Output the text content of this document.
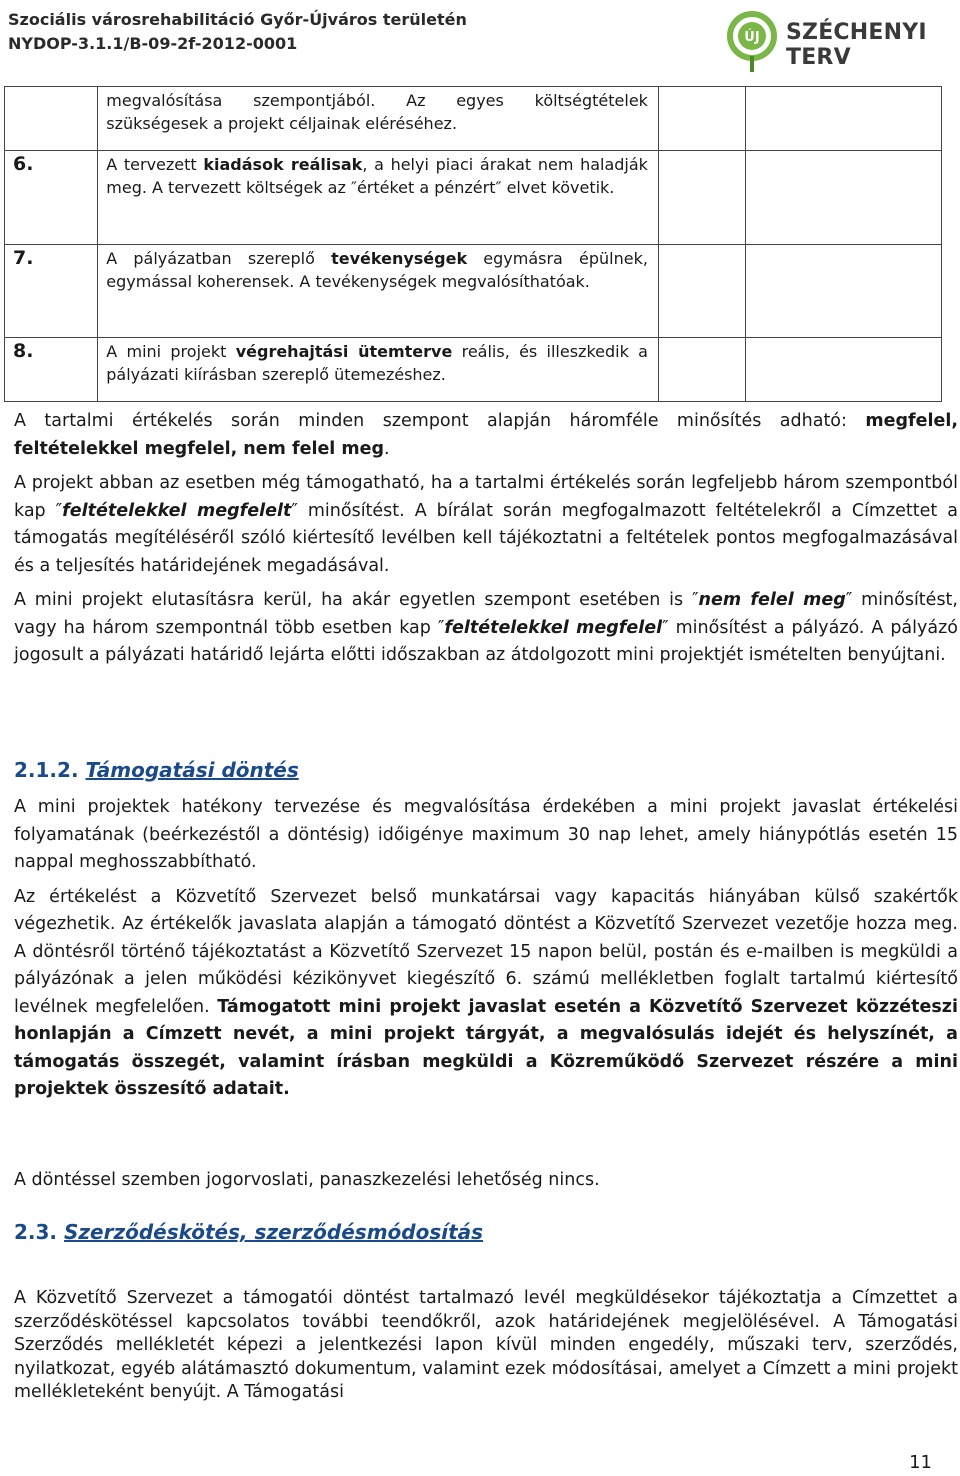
Szociális városrehabilitáció Győr-Újváros területén
NYDOP-3.1.1/B-09-2f-2012-0001	ÚJ SZÉCHENYI TERV
	megvalósítása szempontjából. Az egyes költségtételek szükségesek a projekt céljainak eléréséhez.		
6.	A tervezett kiadások reálisak, a helyi piaci árakat nem haladják meg. A tervezett költségek az ″értéket a pénzért″ elvet követik.		
7.	A pályázatban szereplő tevékenységek egymásra épülnek, egymással koherensek. A tevékenységek megvalósíthatóak.		
8.	A mini projekt végrehajtási ütemterve reális, és illeszkedik a pályázati kiírásban szereplő ütemezéshez.		

A tartalmi értékelés során minden szempont alapján háromféle minősítés adható: megfelel, feltételekkel megfelel, nem felel meg.

A projekt abban az esetben még támogatható, ha a tartalmi értékelés során legfeljebb három szempontból kap ″feltételekkel megfelelt″ minősítést. A bírálat során megfogalmazott feltételekről a Címzettet a támogatás megítéléséről szóló kiértesítő levélben kell tájékoztatni a feltételek pontos megfogalmazásával és a teljesítés határidejének megadásával.

A mini projekt elutasításra kerül, ha akár egyetlen szempont esetében is ″nem felel meg″ minősítést, vagy ha három szempontnál több esetben kap ″feltételekkel megfelel″ minősítést a pályázó. A pályázó jogosult a pályázati határidő lejárta előtti időszakban az átdolgozott mini projektjét ismételten benyújtani.

2.1.2. Támogatási döntés

A mini projektek hatékony tervezése és megvalósítása érdekében a mini projekt javaslat értékelési folyamatának (beérkezéstől a döntésig) időigénye maximum 30 nap lehet, amely hiánypótlás esetén 15 nappal meghosszabbítható.

Az értékelést a Közvetítő Szervezet belső munkatársai vagy kapacitás hiányában külső szakértők végezhetik. Az értékelők javaslata alapján a támogató döntést a Közvetítő Szervezet vezetője hozza meg. A döntésről történő tájékoztatást a Közvetítő Szervezet 15 napon belül, postán és e-mailben is megküldi a pályázónak a jelen működési kézikönyvet kiegészítő 6. számú mellékletben foglalt tartalmú kiértesítő levélnek megfelelően. Támogatott mini projekt javaslat esetén a Közvetítő Szervezet közzéteszi honlapján a Címzett nevét, a mini projekt tárgyát, a megvalósulás idejét és helyszínét, a támogatás összegét, valamint írásban megküldi a Közreműködő Szervezet részére a mini projektek összesítő adatait.

A döntéssel szemben jogorvoslati, panaszkezelési lehetőség nincs.

2.3. Szerződéskötés, szerződésmódosítás

A Közvetítő Szervezet a támogatói döntést tartalmazó levél megküldésekor tájékoztatja a Címzettet a szerződéskötéssel kapcsolatos további teendőkről, azok határidejének megjelölésével. A Támogatási Szerződés mellékletét képezi a jelentkezési lapon kívül minden engedély, műszaki terv, szerződés, nyilatkozat, egyéb alátámasztó dokumentum, valamint ezek módosításai, amelyet a Címzett a mini projekt mellékleteként benyújt. A Támogatási

11
